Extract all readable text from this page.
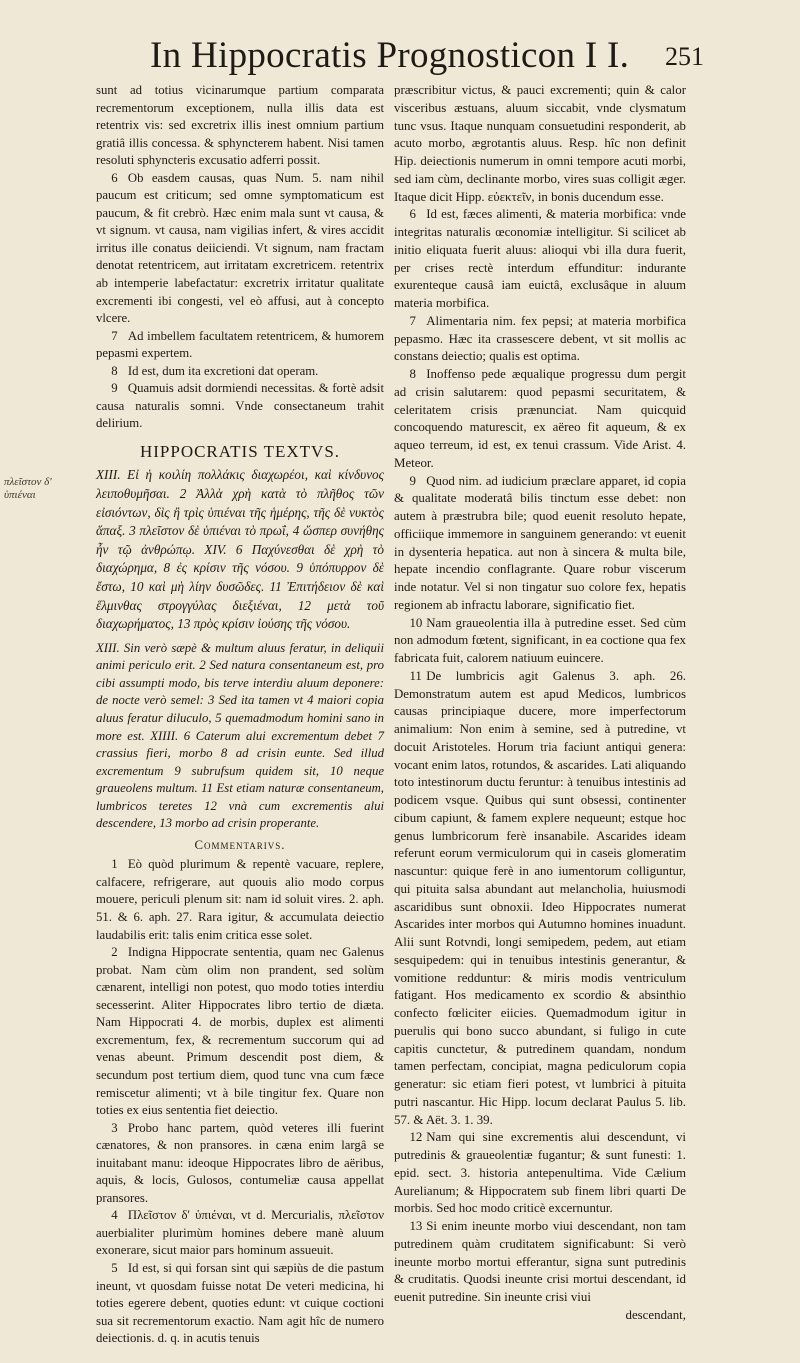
In Hippocratis Prognosticon I I. 251
πλεῖστον δ' ὑπιέναι

sunt ad totius vicinarumque partium comparata recrementorum exceptionem, nulla illis data est retentrix vis: sed excretrix illis inest omnium partium gratiâ illis concessa. & sphyncterem habent. Nisi tamen resoluti sphyncteris excusatio adferri possit.

6 Ob easdem causas, quas Num. 5. nam nihil paucum est criticum; sed omne symptomaticum est paucum, & fit crebrò. Hæc enim mala sunt vt causa, & vt signum. vt causa, nam vigilias infert, & vires accidit irritus ille conatus deiiciendi. Vt signum, nam fractam denotat retentricem, aut irritatam excretricem. retentrix ab intemperie labefactatur: excretrix irritatur qualitate excrementi ibi congesti, vel eò affusi, aut à concepto vlcere.

7 Ad imbellem facultatem retentricem, & humorem pepasmi expertem.

8 Id est, dum ita excretioni dat operam.

9 Quamuis adsit dormiendi necessitas. & fortè adsit causa naturalis somni. Vnde consectaneum trahit delirium.

HIPPOCRATIS TEXTVS.

XIII. Εἰ ἡ κοιλίη πολλάκις διαχωρέοι, καὶ κίνδυνος λειποθυμῆσαι. 2 Ἀλλὰ χρὴ κατὰ τὸ πλῆθος τῶν εἰσιόντων, δὶς ἢ τρὶς ὑπιέναι τῆς ἡμέρης, τῆς δὲ νυκτὸς ἅπαξ. 3 πλεῖστον δὲ ὑπιέναι τὸ πρωΐ, 4 ὥσπερ συνήθης ἦν τῷ ἀνθρώπῳ. XIV. 6 Παχύνεσθαι δὲ χρὴ τὸ διαχώρημα, 8 ἐς κρίσιν τῆς νόσου. 9 ὑπόπυρρον δὲ ἔστω, 10 καὶ μὴ λίην δυσῶδες. 11 Ἐπιτήδειον δὲ καὶ ἕλμινθας στρογγύλας διεξιέναι, 12 μετὰ τοῦ διαχωρήματος, 13 πρὸς κρίσιν ἰούσης τῆς νόσου.

XIII. Sin verò sæpè & multum aluus feratur, in deliquii animi periculo erit. 2 Sed natura consentaneum est, pro cibi assumpti modo, bis terve interdiu aluum deponere: de nocte verò semel: 3 Sed ita tamen vt 4 maiori copia aluus feratur diluculo, 5 quemadmodum homini sano in more est. XIIII. 6 Caterum alui excrementum debet 7 crassius fieri, morbo 8 ad crisin eunte. Sed illud excrementum 9 subrufsum quidem sit, 10 neque graueolens multum. 11 Est etiam naturæ consentaneum, lumbricos teretes 12 vnà cum excrementis alui descendere, 13 morbo ad crisin properante.

Commentarivs.

1 Eò quòd plurimum & repentè vacuare, replere, calfacere, refrigerare, aut quouis alio modo corpus mouere, periculi plenum sit: nam id soluit vires. 2. aph. 51. & 6. aph. 27. Rara igitur, & accumulata deiectio laudabilis erit: talis enim critica esse solet.

2 Indigna Hippocrate sententia, quam nec Galenus probat. Nam cùm olim non prandent, sed solùm cænarent, intelligi non potest, quo modo toties interdiu secesserint. Aliter Hippocrates libro tertio de diæta. Nam Hippocrati 4. de morbis, duplex est alimenti excrementum, fex, & recrementum succorum qui ad venas abeunt. Primum descendit post diem, & secundum post tertium diem, quod tunc vna cum fæce remiscetur alimenti; vt à bile tingitur fex. Quare non toties ex eius sententia fiet deiectio.

3 Probo hanc partem, quòd veteres illi fuerint cænatores, & non pransores. in cæna enim largâ se inuitabant manu: ideoque Hippocrates libro de aëribus, aquis, & locis, Gulosos, contumeliæ causa appellat pransores.

4 Πλεῖστον δ' ὑπιέναι, vt d. Mercurialis, πλεῖστον auerbialiter plurimùm homines debere manè aluum exonerare, sicut maior pars hominum assueuit.

5 Id est, si qui forsan sint qui sæpiùs de die pastum ineunt, vt quosdam fuisse notat De veteri medicina, hi toties egerere debent, quoties edunt: vt cuique coctioni sua sit recrementorum exactio. Nam agit hîc de numero deiectionis. d. q. in acutis tenuis

præscribitur victus, & pauci excrementi; quin & calor visceribus æstuans, aluum siccabit, vnde clysmatum tunc vsus. Itaque nunquam consuetudini responderit, ab acuto morbo, ægrotantis aluus. Resp. hîc non definit Hip. deiectionis numerum in omni tempore acuti morbi, sed iam cùm, declinante morbo, vires suas colligit æger. Itaque dicit Hipp. εὐεκτεῖν, in bonis ducendum esse.

6 Id est, fæces alimenti, & materia morbifica: vnde integritas naturalis œconomiæ intelligitur. Si scilicet ab initio eliquata fuerit aluus: alioqui vbi illa dura fuerit, per crises rectè interdum effunditur: indurante exurenteque causâ iam euictâ, exclusâque in aluum materia morbifica.

7 Alimentaria nim. fex pepsi; at materia morbifica pepasmo. Hæc ita crassescere debent, vt sit mollis ac constans deiectio; qualis est optima.

8 Inoffenso pede æqualique progressu dum pergit ad crisin salutarem: quod pepasmi securitatem, & celeritatem crisis prænunciat. Nam quicquid concoquendo maturescit, ex aëreo fit aqueum, & ex aqueo terreum, id est, ex tenui crassum. Vide Arist. 4. Meteor.

9 Quod nim. ad iudicium præclare apparet, id copia & qualitate moderatâ bilis tinctum esse debet: non autem à præstrubra bile; quod euenit resoluto hepate, officiique immemore in sanguinem generando: vt euenit in dysenteria hepatica. aut non à sincera & multa bile, hepate incendio conflagrante. Quare robur viscerum inde notatur. Vel si non tingatur suo colore fex, hepatis regionem ab infractu laborare, significatio fiet.

10 Nam graueolentia illa à putredine esset. Sed cùm non admodum fœtent, significant, in ea coctione qua fex fabricata fuit, calorem natiuum euincere.

11 De lumbricis agit Galenus 3. aph. 26. Demonstratum autem est apud Medicos, lumbricos causas principiaque ducere, more imperfectorum animalium: Non enim à semine, sed à putredine, vt docuit Aristoteles. Horum tria faciunt antiqui genera: vocant enim latos, rotundos, & ascarides. Lati aliquando toto intestinorum ductu feruntur: à tenuibus intestinis ad podicem vsque. Quibus qui sunt obsessi, continenter cibum capiunt, & famem explere nequeunt; estque hoc genus lumbricorum ferè insanabile. Ascarides ideam referunt eorum vermiculorum qui in caseis glomeratim nascuntur: quique ferè in ano iumentorum colliguntur, qui pituita salsa abundant aut melancholia, huiusmodi ascaridibus sunt obnoxii. Ideo Hippocrates numerat Ascarides inter morbos qui Autumno homines inuadunt. Alii sunt Rotvndi, longi semipedem, pedem, aut etiam sesquipedem: qui in tenuibus intestinis generantur, & vomitione redduntur: & miris modis ventriculum fatigant. Hos medicamento ex scordio & absinthio confecto fœliciter eiicies. Quemadmodum igitur in puerulis qui bono succo abundant, si fuligo in cute capitis cunctetur, & putredinem quandam, nondum tamen perfectam, concipiat, magna pediculorum copia generatur: sic etiam fieri potest, vt lumbrici à pituita putri nascantur. Hic Hipp. locum declarat Paulus 5. lib. 57. & Aët. 3. 1. 39.

12 Nam qui sine excrementis alui descendunt, vi putredinis & graueolentiæ fugantur; & sunt funesti: 1. epid. sect. 3. historia antepenultima. Vide Cælium Aurelianum; & Hippocratem sub finem libri quarti De morbis. Sed hoc modo criticè excernuntur.

13 Si enim ineunte morbo viui descendant, non tam putredinem quàm cruditatem significabunt: Si verò ineunte morbo mortui efferantur, signa sunt putredinis & cruditatis. Quodsi ineunte crisi mortui descendant, id euenit putredine. Sin ineunte crisi viui

descendant,
